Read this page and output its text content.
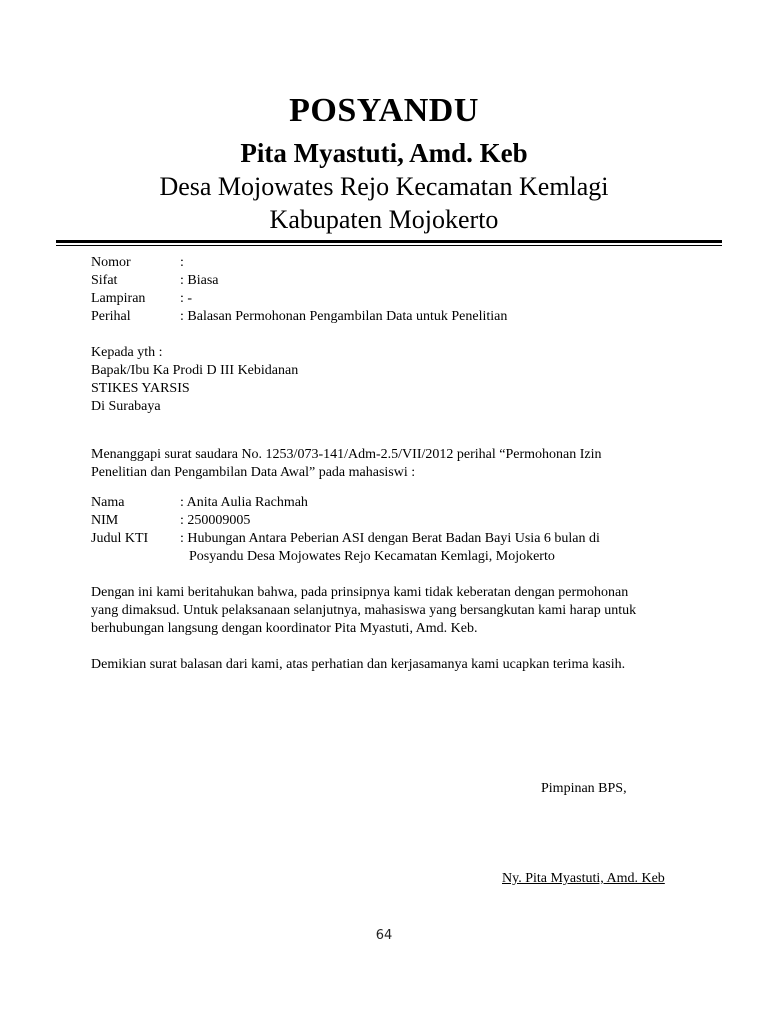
POSYANDU
Pita Myastuti, Amd. Keb
Desa Mojowates Rejo Kecamatan Kemlagi
Kabupaten Mojokerto
Nomor	:
Sifat	: Biasa
Lampiran : -
Perihal	: Balasan Permohonan Pengambilan Data untuk Penelitian
Kepada yth :
Bapak/Ibu Ka Prodi D III Kebidanan
STIKES YARSIS
Di Surabaya
Menanggapi surat saudara No. 1253/073-141/Adm-2.5/VII/2012 perihal “Permohonan Izin
Penelitian dan Pengambilan Data Awal” pada mahasiswi :
Nama	: Anita Aulia Rachmah
NIM	: 250009005
Judul KTI : Hubungan Antara Peberian ASI dengan Berat Badan Bayi Usia 6 bulan di
Posyandu Desa Mojowates Rejo Kecamatan Kemlagi, Mojokerto
Dengan ini kami beritahukan bahwa, pada prinsipnya kami tidak keberatan dengan permohonan
yang dimaksud. Untuk pelaksanaan selanjutnya, mahasiswa yang bersangkutan kami harap untuk
berhubungan langsung dengan koordinator Pita Myastuti, Amd. Keb.
Demikian surat balasan dari kami, atas perhatian dan kerjasamanya kami ucapkan terima kasih.
Pimpinan BPS,
Ny. Pita Myastuti, Amd. Keb
64
